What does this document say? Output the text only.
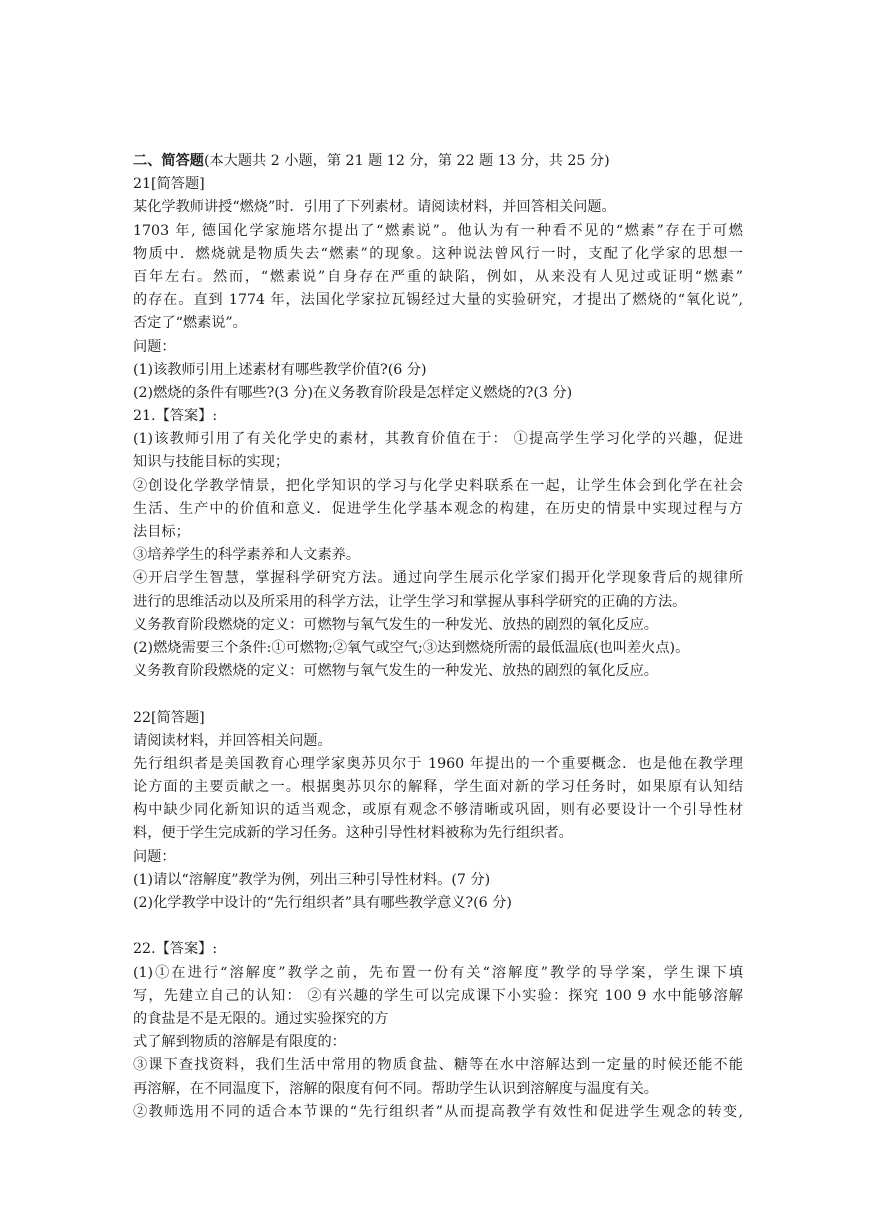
二、简答题(本大题共 2 小题，第 21 题 12 分，第 22 题 13 分，共 25 分)
21[简答题]
某化学教师讲授“燃烧”时．引用了下列素材。请阅读材料，并回答相关问题。
1703 年, 德国化学家施塔尔提出了“燃素说”。他认为有一种看不见的“燃素”存在于可燃
物质中．燃烧就是物质失去“燃素”的现象。这种说法曾风行一时，支配了化学家的思想一
百年左右。然而，“燃素说”自身存在严重的缺陷，例如，从来没有人见过或证明“燃素”
的存在。直到 1774 年，法国化学家拉瓦锡经过大量的实验研究，才提出了燃烧的“氧化说”,
否定了“燃素说”。
问题：
(1)该教师引用上述素材有哪些教学价值?(6 分)
(2)燃烧的条件有哪些?(3 分)在义务教育阶段是怎样定义燃烧的?(3 分)
21.【答案】:
(1)该教师引用了有关化学史的素材，其教育价值在于： ①提高学生学习化学的兴趣，促进
知识与技能目标的实现；
②创设化学教学情景，把化学知识的学习与化学史料联系在一起，让学生体会到化学在社会
生活、生产中的价值和意义．促进学生化学基本观念的构建，在历史的情景中实现过程与方
法目标；
③培养学生的科学素养和人文素养。
④开启学生智慧，掌握科学研究方法。通过向学生展示化学家们揭开化学现象背后的规律所
进行的思维活动以及所采用的科学方法，让学生学习和掌握从事科学研究的正确的方法。
义务教育阶段燃烧的定义：可燃物与氧气发生的一种发光、放热的剧烈的氧化反应。
(2)燃烧需要三个条件:①可燃物;②氧气或空气;③达到燃烧所需的最低温底(也叫差火点)。
义务教育阶段燃烧的定义：可燃物与氧气发生的一种发光、放热的剧烈的氧化反应。
22[简答题]
请阅读材料，并回答相关问题。
先行组织者是美国教育心理学家奥苏贝尔于 1960 年提出的一个重要概念．也是他在教学理
论方面的主要贡献之一。根据奥苏贝尔的解释，学生面对新的学习任务时，如果原有认知结
构中缺少同化新知识的适当观念，或原有观念不够清晰或巩固，则有必要设计一个引导性材
料，便于学生完成新的学习任务。这种引导性材料被称为先行组织者。
问题：
(1)请以“溶解度”教学为例，列出三种引导性材料。(7 分)
(2)化学教学中设计的“先行组织者”具有哪些教学意义?(6 分)
22.【答案】:
(1)①在进行“溶解度”教学之前，先布置一份有关“溶解度”教学的导学案，学生课下填
写，先建立自己的认知： ②有兴趣的学生可以完成课下小实验：探究 100 9 水中能够溶解
的食盐是不是无限的。通过实验探究的方
式了解到物质的溶解是有限度的：
③课下查找资料，我们生活中常用的物质食盐、糖等在水中溶解达到一定量的时候还能不能
再溶解，在不同温度下，溶解的限度有何不同。帮助学生认识到溶解度与温度有关。
②教师选用不同的适合本节课的“先行组织者”从而提高教学有效性和促进学生观念的转变,
